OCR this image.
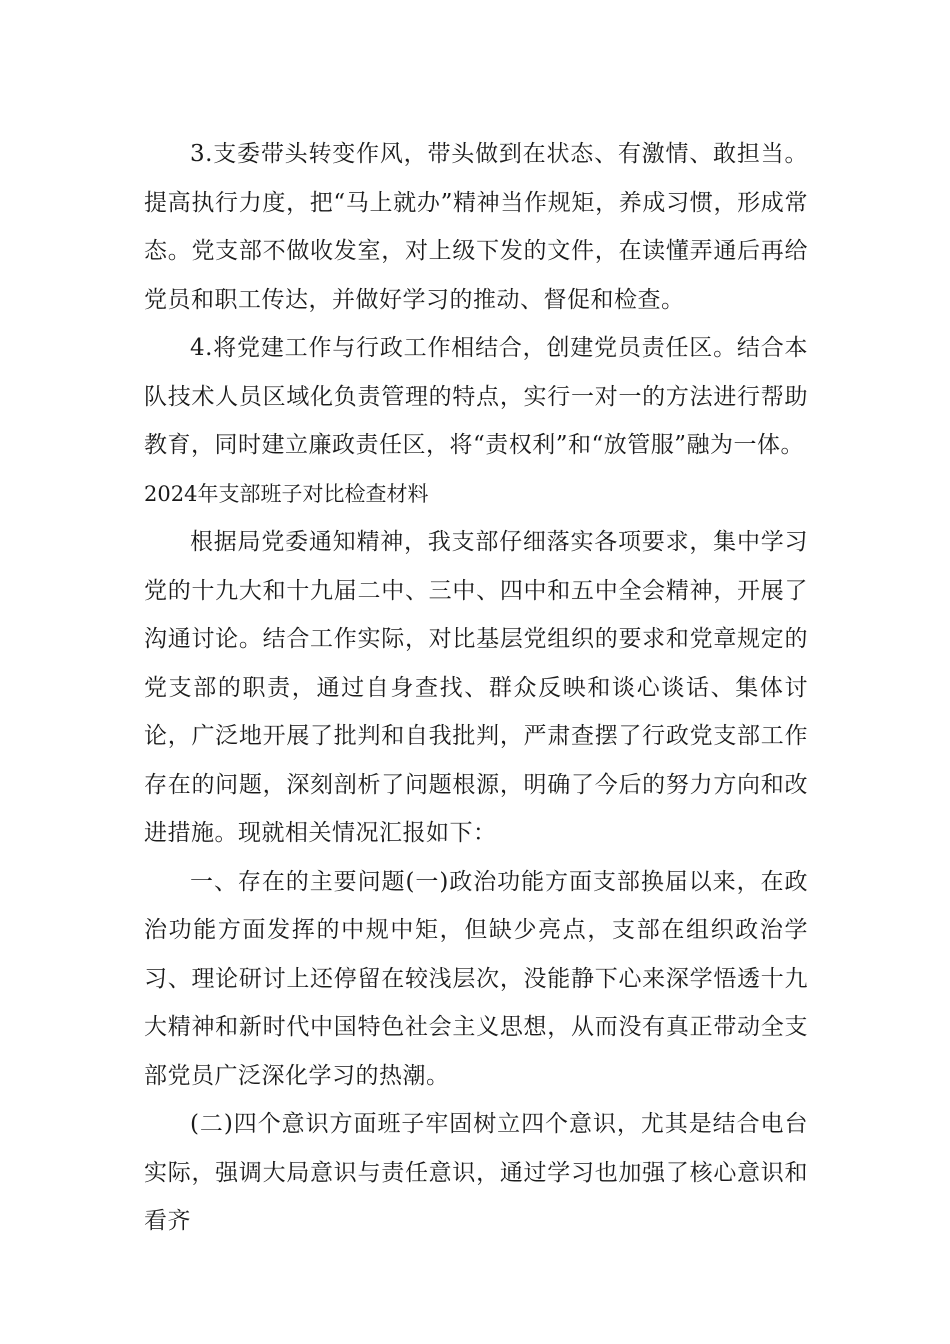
3.支委带头转变作风，带头做到在状态、有激情、敢担当。提高执行力度，把“马上就办”精神当作规矩，养成习惯，形成常态。党支部不做收发室，对上级下发的文件，在读懂弄通后再给党员和职工传达，并做好学习的推动、督促和检查。

4.将党建工作与行政工作相结合，创建党员责任区。结合本队技术人员区域化负责管理的特点，实行一对一的方法进行帮助教育，同时建立廉政责任区，将“责权利”和“放管服”融为一体。

2024年支部班子对比检查材料

根据局党委通知精神，我支部仔细落实各项要求，集中学习党的十九大和十九届二中、三中、四中和五中全会精神，开展了沟通讨论。结合工作实际，对比基层党组织的要求和党章规定的党支部的职责，通过自身查找、群众反映和谈心谈话、集体讨论，广泛地开展了批判和自我批判，严肃查摆了行政党支部工作存在的问题，深刻剖析了问题根源，明确了今后的努力方向和改进措施。现就相关情况汇报如下：

一、存在的主要问题(一)政治功能方面支部换届以来，在政治功能方面发挥的中规中矩，但缺少亮点，支部在组织政治学习、理论研讨上还停留在较浅层次，没能静下心来深学悟透十九大精神和新时代中国特色社会主义思想，从而没有真正带动全支部党员广泛深化学习的热潮。

(二)四个意识方面班子牢固树立四个意识，尤其是结合电台实际，强调大局意识与责任意识，通过学习也加强了核心意识和看齐
